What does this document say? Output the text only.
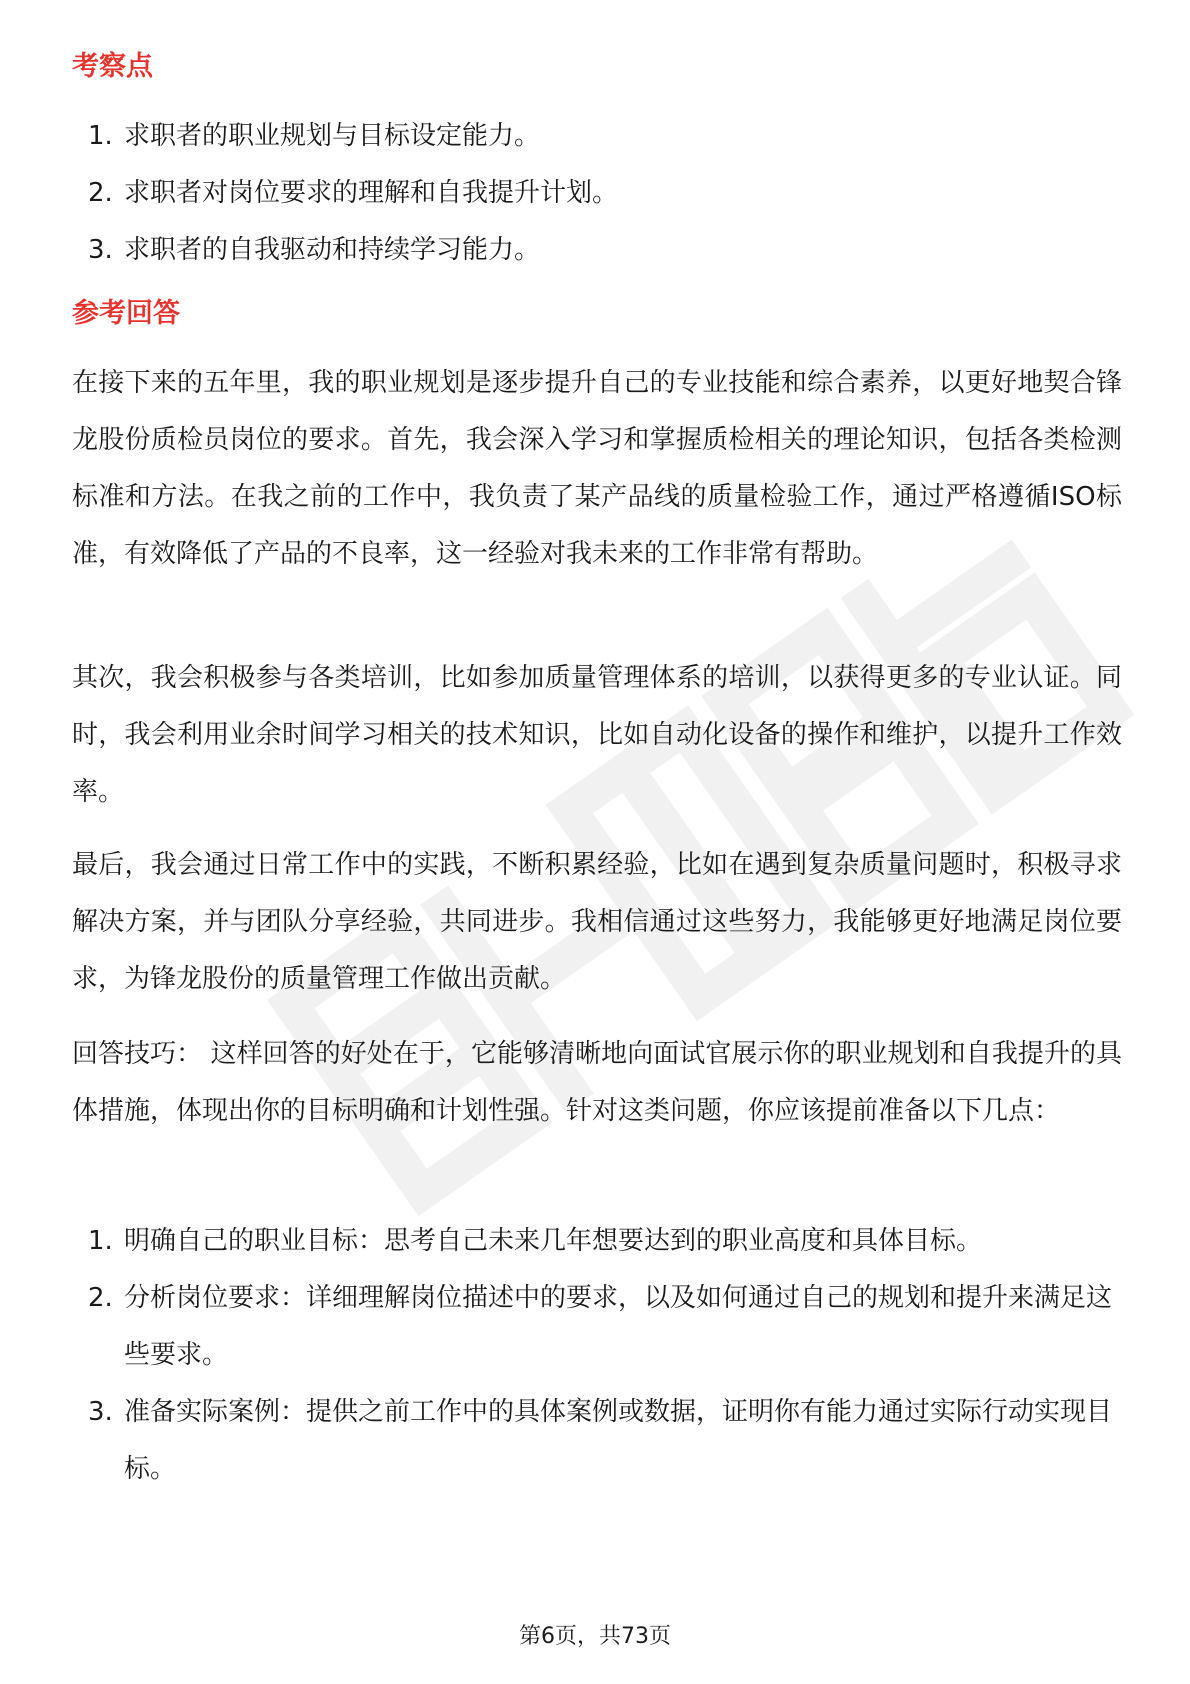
考察点
1. 求职者的职业规划与目标设定能力。
2. 求职者对岗位要求的理解和自我提升计划。
3. 求职者的自我驱动和持续学习能力。
参考回答

在接下来的五年里，我的职业规划是逐步提升自己的专业技能和综合素养，以更好地契合锋龙股份质检员岗位的要求。首先，我会深入学习和掌握质检相关的理论知识，包括各类检测标准和方法。在我之前的工作中，我负责了某产品线的质量检验工作，通过严格遵循ISO标准，有效降低了产品的不良率，这一经验对我未来的工作非常有帮助。

其次，我会积极参与各类培训，比如参加质量管理体系的培训，以获得更多的专业认证。同时，我会利用业余时间学习相关的技术知识，比如自动化设备的操作和维护，以提升工作效率。

最后，我会通过日常工作中的实践，不断积累经验，比如在遇到复杂质量问题时，积极寻求解决方案，并与团队分享经验，共同进步。我相信通过这些努力，我能够更好地满足岗位要求，为锋龙股份的质量管理工作做出贡献。

回答技巧： 这样回答的好处在于，它能够清晰地向面试官展示你的职业规划和自我提升的具体措施，体现出你的目标明确和计划性强。针对这类问题，你应该提前准备以下几点：

1. 明确自己的职业目标：思考自己未来几年想要达到的职业高度和具体目标。
2. 分析岗位要求：详细理解岗位描述中的要求，以及如何通过自己的规划和提升来满足这些要求。
3. 准备实际案例：提供之前工作中的具体案例或数据，证明你有能力通过实际行动实现目标。
第6页，共73页
